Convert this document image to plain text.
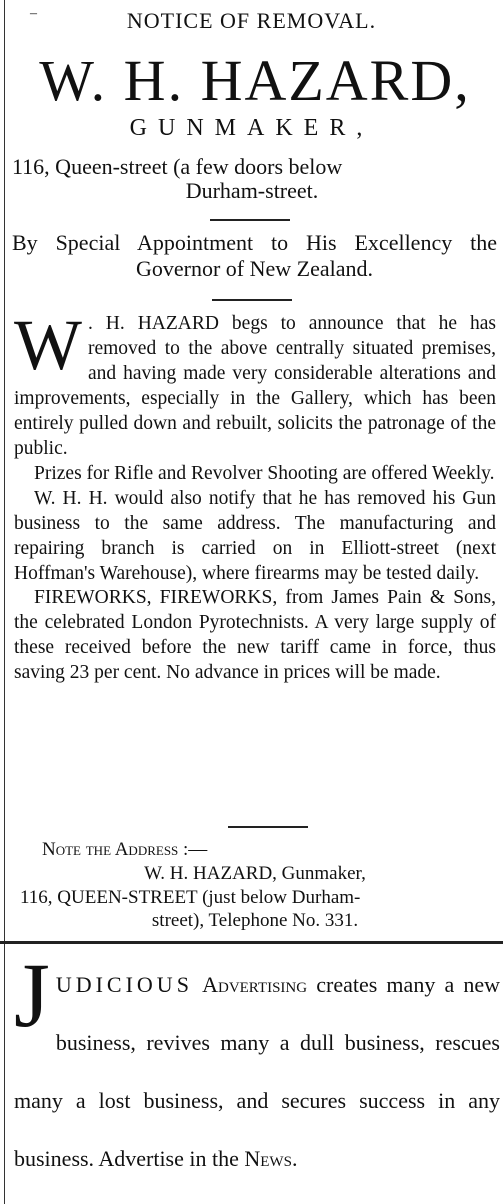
–	NOTICE OF REMOVAL.
W. H. HAZARD,
GUNMAKER,
116, Queen-street (a few doors below
Durham-street.
By Special Appointment to His Excellency the Governor of New Zealand.

W . H. HAZARD begs to announce that he has removed to the above centrally situated premises, and having made very considerable alterations and improvements, especially in the Gallery, which has been entirely pulled down and rebuilt, solicits the patronage of the public.

Prizes for Rifle and Revolver Shooting are offered Weekly.

W. H. H. would also notify that he has removed his Gun business to the same address. The manufacturing and repairing branch is carried on in Elliott-street (next Hoffman's Warehouse), where firearms may be tested daily.

FIREWORKS, FIREWORKS, from James Pain & Sons, the celebrated London Pyrotechnists. A very large supply of these received before the new tariff came in force, thus saving 23 per cent. No advance in prices will be made.

Note the Address :—
W. H. HAZARD, Gunmaker,
116, QUEEN-STREET (just below Durham-
street), Telephone No. 331.
JUDICIOUS Advertising creates many a new business, revives many a dull business, rescues many a lost business, and secures success in any business. Advertise in the News.
